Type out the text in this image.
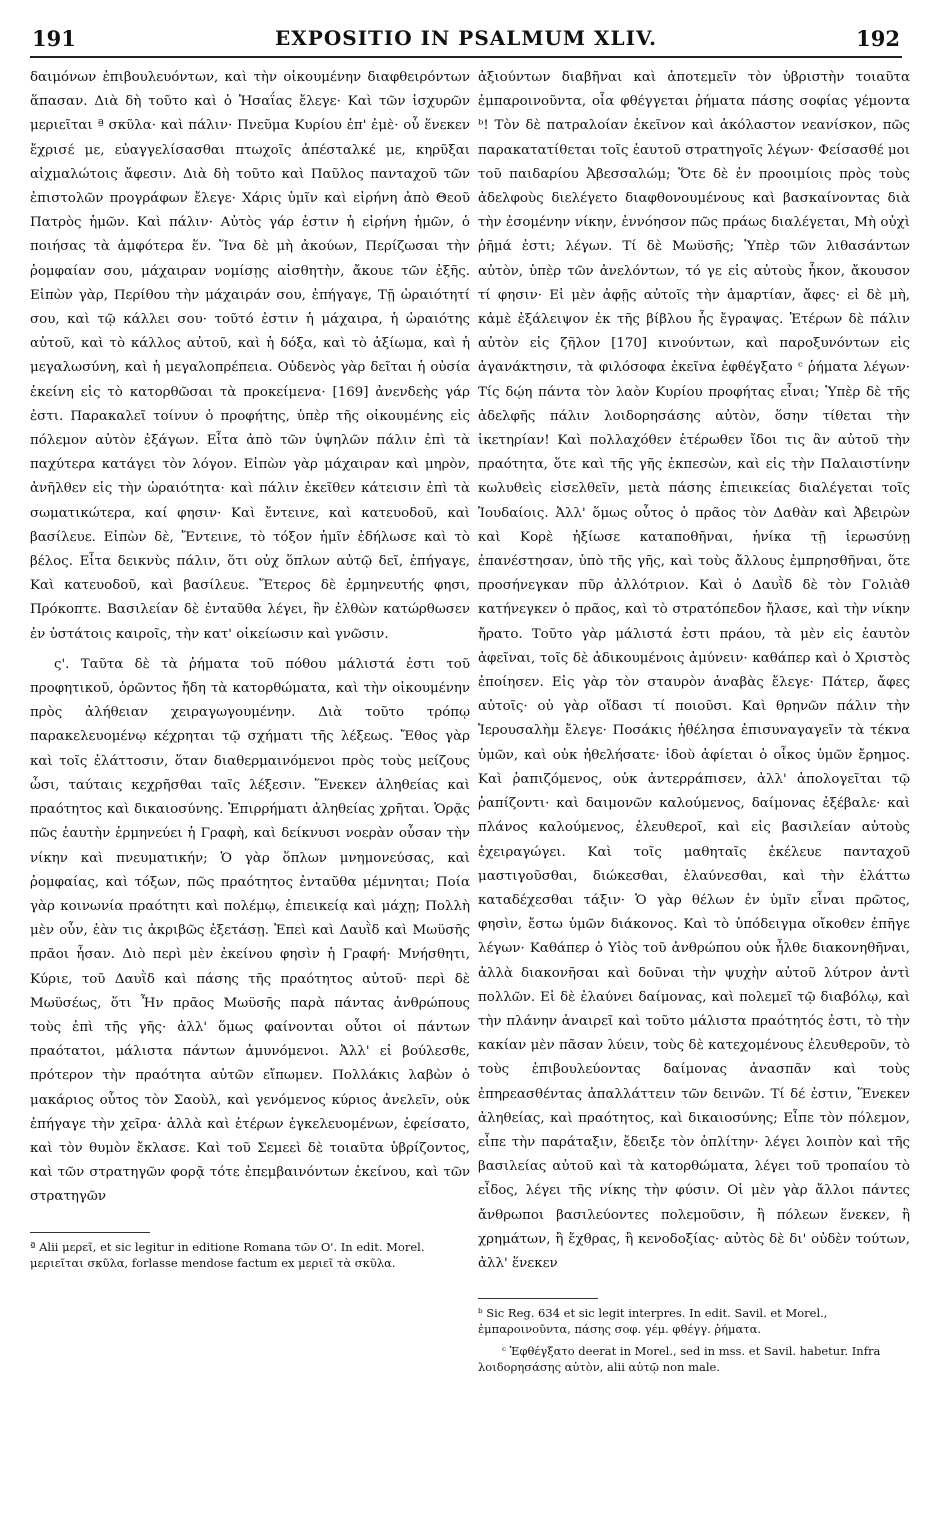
191	EXPOSITIO IN PSALMUM XLIV.	192

δαιμόνων ἐπιβουλευόντων, καὶ τὴν οἰκουμένην διαφθειρόντων ἅπασαν. Διὰ δὴ τοῦτο καὶ ὁ Ἡσαΐας ἔλεγε· Καὶ τῶν ἰσχυρῶν μεριεῖται ª σκῦλα· καὶ πάλιν· Πνεῦμα Κυρίου ἐπ' ἐμὲ· οὗ ἕνεκεν ἔχρισέ με, εὐαγγελίσασθαι πτωχοῖς ἀπέσταλκέ με, κηρῦξαι αἰχμαλώτοις ἄφεσιν. Διὰ δὴ τοῦτο καὶ Παῦλος πανταχοῦ τῶν ἐπιστολῶν προγράφων ἔλεγε· Χάρις ὑμῖν καὶ εἰρήνη ἀπὸ Θεοῦ Πατρὸς ἡμῶν. Καὶ πάλιν· Αὐτὸς γάρ ἐστιν ἡ εἰρήνη ἡμῶν, ὁ ποιήσας τὰ ἀμφότερα ἕν. Ἵνα δὲ μὴ ἀκούων, Περίζωσαι τὴν ῥομφαίαν σου, μάχαιραν νομίσῃς αἰσθητὴν, ἄκουε τῶν ἑξῆς. Εἰπὼν γὰρ, Περίθου τὴν μάχαιράν σου, ἐπήγαγε, Τῇ ὡραιότητί σου, καὶ τῷ κάλλει σου· τοῦτό ἐστιν ἡ μάχαιρα, ἡ ὡραιότης αὐτοῦ, καὶ τὸ κάλλος αὐτοῦ, καὶ ἡ δόξα, καὶ τὸ ἀξίωμα, καὶ ἡ μεγαλωσύνη, καὶ ἡ μεγαλοπρέπεια. Οὐδενὸς γὰρ δεῖται ἡ οὐσία ἐκείνη εἰς τὸ κατορθῶσαι τὰ προκείμενα· [169] ἀνενδεὴς γάρ ἐστι. Παρακαλεῖ τοίνυν ὁ προφήτης, ὑπὲρ τῆς οἰκουμένης εἰς πόλεμον αὐτὸν ἐξάγων. Εἶτα ἀπὸ τῶν ὑψηλῶν πάλιν ἐπὶ τὰ παχύτερα κατάγει τὸν λόγον. Εἰπὼν γὰρ μάχαιραν καὶ μηρὸν, ἀνῆλθεν εἰς τὴν ὡραιότητα· καὶ πάλιν ἐκεῖθεν κάτεισιν ἐπὶ τὰ σωματικώτερα, καί φησιν· Καὶ ἔντεινε, καὶ κατευοδοῦ, καὶ βασίλευε. Εἰπὼν δὲ, Ἔντεινε, τὸ τόξον ἡμῖν ἐδήλωσε καὶ τὸ βέλος. Εἶτα δεικνὺς πάλιν, ὅτι οὐχ ὅπλων αὐτῷ δεῖ, ἐπήγαγε, Καὶ κατευοδοῦ, καὶ βασίλευε. Ἕτερος δὲ ἑρμηνευτής φησι, Πρόκοπτε. Βασιλείαν δὲ ἐνταῦθα λέγει, ἣν ἐλθὼν κατώρθωσεν ἐν ὑστάτοις καιροῖς, τὴν κατ' οἰκείωσιν καὶ γνῶσιν.

ς'. Ταῦτα δὲ τὰ ῥήματα τοῦ πόθου μάλιστά ἐστι τοῦ προφητικοῦ, ὁρῶντος ἤδη τὰ κατορθώματα, καὶ τὴν οἰκουμένην πρὸς ἀλήθειαν χειραγωγουμένην. Διὰ τοῦτο τρόπῳ παρακελευομένῳ κέχρηται τῷ σχήματι τῆς λέξεως. Ἔθος γὰρ καὶ τοῖς ἐλάττοσιν, ὅταν διαθερμαινόμενοι πρὸς τοὺς μείζους ὦσι, ταύταις κεχρῆσθαι ταῖς λέξεσιν. Ἕνεκεν ἀληθείας καὶ πραότητος καὶ δικαιοσύνης. Ἐπιρρήματι ἀληθείας χρῆται. Ὁρᾷς πῶς ἑαυτὴν ἑρμηνεύει ἡ Γραφὴ, καὶ δείκνυσι νοερὰν οὖσαν τὴν νίκην καὶ πνευματικήν; Ὁ γὰρ ὅπλων μνημονεύσας, καὶ ῥομφαίας, καὶ τόξων, πῶς πραότητος ἐνταῦθα μέμνηται; Ποία γὰρ κοινωνία πραότητι καὶ πολέμῳ, ἐπιεικείᾳ καὶ μάχῃ; Πολλὴ μὲν οὖν, ἐὰν τις ἀκριβῶς ἐξετάσῃ. Ἐπεὶ καὶ Δαυῒδ καὶ Μωϋσῆς πρᾶοι ἦσαν. Διὸ περὶ μὲν ἐκείνου φησὶν ἡ Γραφή· Μνήσθητι, Κύριε, τοῦ Δαυῒδ καὶ πάσης τῆς πραότητος αὐτοῦ· περὶ δὲ Μωϋσέως, ὅτι Ἦν πρᾶος Μωϋσῆς παρὰ πάντας ἀνθρώπους τοὺς ἐπὶ τῆς γῆς· ἀλλ' ὅμως φαίνονται οὗτοι οἱ πάντων πραότατοι, μάλιστα πάντων ἀμυνόμενοι. Ἀλλ' εἰ βούλεσθε, πρότερον τὴν πραότητα αὐτῶν εἴπωμεν. Πολλάκις λαβὼν ὁ μακάριος οὗτος τὸν Σαοὺλ, καὶ γενόμενος κύριος ἀνελεῖν, οὐκ ἐπήγαγε τὴν χεῖρα· ἀλλὰ καὶ ἑτέρων ἐγκελευομένων, ἐφείσατο, καὶ τὸν θυμὸν ἔκλασε. Καὶ τοῦ Σεμεεὶ δὲ τοιαῦτα ὑβρίζοντος, καὶ τῶν στρατηγῶν φορᾷ τότε ἐπεμβαινόντων ἐκείνου, καὶ τῶν στρατηγῶν

ª Alii μερεῖ, et sic legitur in editione Romana τῶν Ο'. In edit. Morel. μεριεῖται σκῦλα, forlasse mendose factum ex μεριεῖ τὰ σκῦλα.

ἀξιούντων διαβῆναι καὶ ἀποτεμεῖν τὸν ὑβριστὴν τοιαῦτα ἐμπαροινοῦντα, οἷα φθέγγεται ῥήματα πάσης σοφίας γέμοντα ᵇ! Τὸν δὲ πατραλοίαν ἐκεῖνον καὶ ἀκόλαστον νεανίσκον, πῶς παρακατατίθεται τοῖς ἑαυτοῦ στρατηγοῖς λέγων· Φείσασθέ μοι τοῦ παιδαρίου Ἀβεσσαλώμ; Ὅτε δὲ ἐν προοιμίοις πρὸς τοὺς ἀδελφοὺς διελέγετο διαφθονουμένους καὶ βασκαίνοντας διὰ τὴν ἐσομένην νίκην, ἐννόησον πῶς πράως διαλέγεται, Μὴ οὐχὶ ῥῆμά ἐστι; λέγων. Τί δὲ Μωϋσῆς; Ὑπὲρ τῶν λιθασάντων αὐτὸν, ὑπὲρ τῶν ἀνελόντων, τό γε εἰς αὐτοὺς ἧκον, ἄκουσον τί φησιν· Εἰ μὲν ἀφῇς αὐτοῖς τὴν ἁμαρτίαν, ἄφες· εἰ δὲ μὴ, κἀμὲ ἐξάλειψον ἐκ τῆς βίβλου ἧς ἔγραψας. Ἑτέρων δὲ πάλιν αὐτὸν εἰς ζῆλον [170] κινούντων, καὶ παροξυνόντων εἰς ἀγανάκτησιν, τὰ φιλόσοφα ἐκεῖνα ἐφθέγξατο ᶜ ῥήματα λέγων· Τίς δῴη πάντα τὸν λαὸν Κυρίου προφήτας εἶναι; Ὑπὲρ δὲ τῆς ἀδελφῆς πάλιν λοιδορησάσης αὐτὸν, ὅσην τίθεται τὴν ἱκετηρίαν! Καὶ πολλαχόθεν ἑτέρωθεν ἴδοι τις ἂν αὐτοῦ τὴν πραότητα, ὅτε καὶ τῆς γῆς ἐκπεσὼν, καὶ εἰς τὴν Παλαιστίνην κωλυθεὶς εἰσελθεῖν, μετὰ πάσης ἐπιεικείας διαλέγεται τοῖς Ἰουδαίοις. Ἀλλ' ὅμως οὗτος ὁ πρᾶος τὸν Δαθὰν καὶ Ἀβειρὼν καὶ Κορὲ ἠξίωσε καταποθῆναι, ἡνίκα τῇ ἱερωσύνῃ ἐπανέστησαν, ὑπὸ τῆς γῆς, καὶ τοὺς ἄλλους ἐμπρησθῆναι, ὅτε προσήνεγκαν πῦρ ἀλλότριον. Καὶ ὁ Δαυῒδ δὲ τὸν Γολιὰθ κατήνεγκεν ὁ πρᾶος, καὶ τὸ στρατόπεδον ἤλασε, καὶ τὴν νίκην ἤρατο. Τοῦτο γὰρ μάλιστά ἐστι πράου, τὰ μὲν εἰς ἑαυτὸν ἀφεῖναι, τοῖς δὲ ἀδικουμένοις ἀμύνειν· καθάπερ καὶ ὁ Χριστὸς ἐποίησεν. Εἰς γὰρ τὸν σταυρὸν ἀναβὰς ἔλεγε· Πάτερ, ἄφες αὐτοῖς· οὐ γὰρ οἴδασι τί ποιοῦσι. Καὶ θρηνῶν πάλιν τὴν Ἱερουσαλὴμ ἔλεγε· Ποσάκις ἠθέλησα ἐπισυναγαγεῖν τὰ τέκνα ὑμῶν, καὶ οὐκ ἠθελήσατε· ἰδοὺ ἀφίεται ὁ οἶκος ὑμῶν ἔρημος. Καὶ ῥαπιζόμενος, οὐκ ἀντερράπισεν, ἀλλ' ἀπολογεῖται τῷ ῥαπίζοντι· καὶ δαιμονῶν καλούμενος, δαίμονας ἐξέβαλε· καὶ πλάνος καλούμενος, ἐλευθεροῖ, καὶ εἰς βασιλείαν αὐτοὺς ἐχειραγώγει. Καὶ τοῖς μαθηταῖς ἐκέλευε πανταχοῦ μαστιγοῦσθαι, διώκεσθαι, ἐλαύνεσθαι, καὶ τὴν ἐλάττω καταδέχεσθαι τάξιν· Ὁ γὰρ θέλων ἐν ὑμῖν εἶναι πρῶτος, φησὶν, ἔστω ὑμῶν διάκονος. Καὶ τὸ ὑπόδειγμα οἴκοθεν ἐπῆγε λέγων· Καθάπερ ὁ Υἱὸς τοῦ ἀνθρώπου οὐκ ἦλθε διακονηθῆναι, ἀλλὰ διακονῆσαι καὶ δοῦναι τὴν ψυχὴν αὐτοῦ λύτρον ἀντὶ πολλῶν. Εἰ δὲ ἐλαύνει δαίμονας, καὶ πολεμεῖ τῷ διαβόλῳ, καὶ τὴν πλάνην ἀναιρεῖ καὶ τοῦτο μάλιστα πραότητός ἐστι, τὸ τὴν κακίαν μὲν πᾶσαν λύειν, τοὺς δὲ κατεχομένους ἐλευθεροῦν, τὸ τοὺς ἐπιβουλεύοντας δαίμονας ἀνασπᾶν καὶ τοὺς ἐπηρεασθέντας ἀπαλλάττειν τῶν δεινῶν. Τί δέ ἐστιν, Ἕνεκεν ἀληθείας, καὶ πραότητος, καὶ δικαιοσύνης; Εἶπε τὸν πόλεμον, εἶπε τὴν παράταξιν, ἔδειξε τὸν ὁπλίτην· λέγει λοιπὸν καὶ τῆς βασιλείας αὐτοῦ καὶ τὰ κατορθώματα, λέγει τοῦ τροπαίου τὸ εἶδος, λέγει τῆς νίκης τὴν φύσιν. Οἱ μὲν γὰρ ἄλλοι πάντες ἄνθρωποι βασιλεύοντες πολεμοῦσιν, ἢ πόλεων ἕνεκεν, ἢ χρημάτων, ἢ ἔχθρας, ἢ κενοδοξίας· αὐτὸς δὲ δι' οὐδὲν τούτων, ἀλλ' ἕνεκεν

ᵇ Sic Reg. 634 et sic legit interpres. In edit. Savil. et Morel., ἐμπαροινοῦντα, πάσης σοφ. γέμ. φθέγγ. ῥήματα.

ᶜ Ἐφθέγξατο deerat in Morel., sed in mss. et Savil. habetur. Infra λοιδορησάσης αὐτὸν, alii αὐτῷ non male.
